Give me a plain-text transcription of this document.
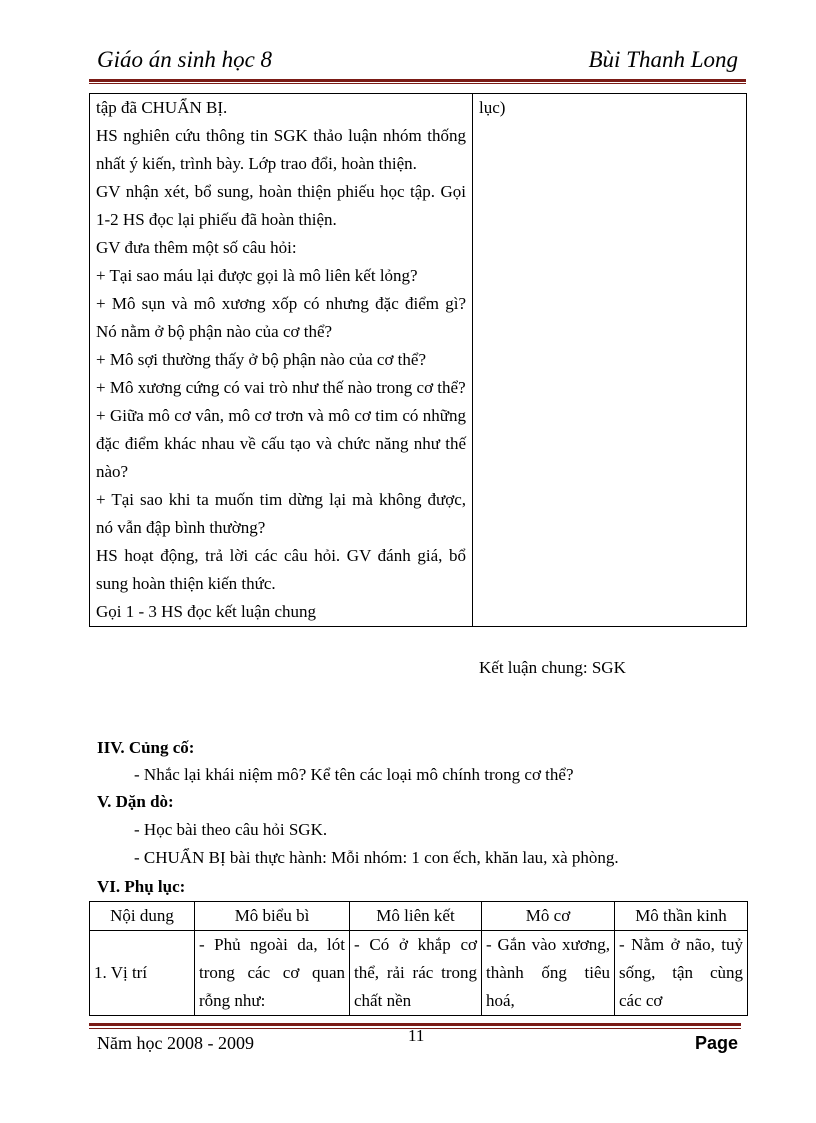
Giáo án sinh học 8	Bùi Thanh Long

tập đã CHUẨN BỊ.

HS nghiên cứu thông tin SGK thảo luận nhóm thống nhất ý kiến, trình bày. Lớp trao đổi, hoàn thiện.

GV nhận xét, bổ sung, hoàn thiện phiếu học tập. Gọi 1-2 HS đọc lại phiếu đã hoàn thiện.

GV đưa thêm một số câu hỏi:

+ Tại sao máu lại được gọi là mô liên kết lỏng?

+ Mô sụn và mô xương xốp có nhưng đặc điểm gì? Nó nằm ở bộ phận nào của cơ thể?

+ Mô sợi thường thấy ở bộ phận nào của cơ thể?

+ Mô xương cứng có vai trò như thế nào trong cơ thể?

+ Giữa mô cơ vân, mô cơ trơn và mô cơ tim có những đặc điểm khác nhau về cấu tạo và chức năng như thế nào?

+ Tại sao khi ta muốn tim dừng lại mà không được, nó vẫn đập bình thường?

HS hoạt động, trả lời các câu hỏi. GV đánh giá, bổ sung hoàn thiện kiến thức.

Gọi 1 - 3 HS đọc kết luận chung

lục)

Kết luận chung: SGK

IIV. Củng cố:
- Nhắc lại khái niệm mô? Kể tên các loại mô chính trong cơ thể?
V. Dặn dò:
- Học bài theo câu hỏi SGK.
- CHUẨN BỊ bài thực hành: Mỗi nhóm: 1 con ếch, khăn lau, xà phòng.
VI. Phụ lục:
Nội dung	Mô biểu bì	Mô liên kết	Mô cơ	Mô thần kinh
1. Vị trí	- Phủ ngoài da, lót trong các cơ quan rỗng như:	- Có ở khắp cơ thể, rải rác trong chất nền	- Gắn vào xương, thành ống tiêu hoá,	- Nằm ở não, tuỷ sống, tận cùng các cơ
Năm học 2008 - 2009	11	Page
